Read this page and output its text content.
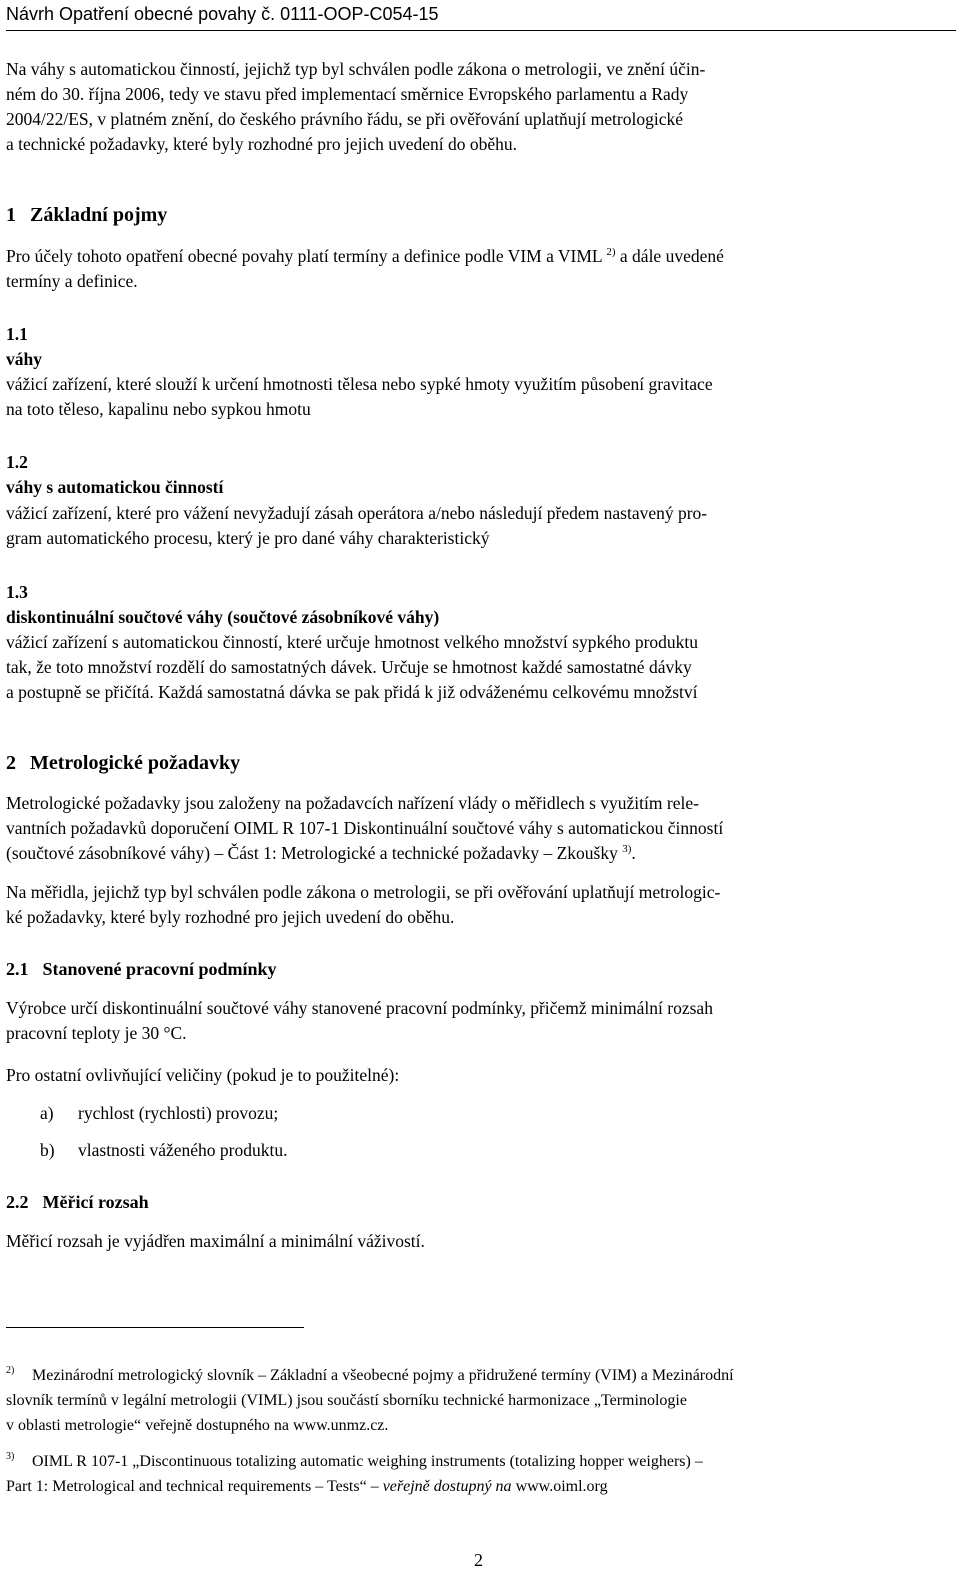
Návrh Opatření obecné povahy č. 0111-OOP-C054-15
Na váhy s automatickou činností, jejichž typ byl schválen podle zákona o metrologii, ve znění účin-
ném do 30. října 2006, tedy ve stavu před implementací směrnice Evropského parlamentu a Rady
2004/22/ES, v platném znění, do českého právního řádu, se při ověřování uplatňují metrologické
a technické požadavky, které byly rozhodné pro jejich uvedení do oběhu.
1 Základní pojmy
Pro účely tohoto opatření obecné povahy platí termíny a definice podle VIM a VIML $^{2)}$ a dále uvedené
termíny a definice.
1.1
váhy
vážicí zařízení, které slouží k určení hmotnosti tělesa nebo sypké hmoty využitím působení gravitace
na toto těleso, kapalinu nebo sypkou hmotu
1.2
váhy s automatickou činností
vážicí zařízení, které pro vážení nevyžadují zásah operátora a/nebo následují předem nastavený pro-
gram automatického procesu, který je pro dané váhy charakteristický
1.3
diskontinuální součtové váhy (součtové zásobníkové váhy)
vážicí zařízení s automatickou činností, které určuje hmotnost velkého množství sypkého produktu
tak, že toto množství rozdělí do samostatných dávek. Určuje se hmotnost každé samostatné dávky
a postupně se přičítá. Každá samostatná dávka se pak přidá k již odváženému celkovému množství
2 Metrologické požadavky
Metrologické požadavky jsou založeny na požadavcích nařízení vlády o měřidlech s využitím rele-
vantních požadavků doporučení OIML R 107-1 Diskontinuální součtové váhy s automatickou činností
(součtové zásobníkové váhy) – Část 1: Metrologické a technické požadavky – Zkoušky $^{3)}$.
Na měřidla, jejichž typ byl schválen podle zákona o metrologii, se při ověřování uplatňují metrologic-
ké požadavky, které byly rozhodné pro jejich uvedení do oběhu.
2.1 Stanovené pracovní podmínky
Výrobce určí diskontinuální součtové váhy stanovené pracovní podmínky, přičemž minimální rozsah
pracovní teploty je 30 °C.
Pro ostatní ovlivňující veličiny (pokud je to použitelné):
a) rychlost (rychlosti) provozu;
b) vlastnosti váženého produktu.
2.2 Měřicí rozsah
Měřicí rozsah je vyjádřen maximální a minimální váživostí.
$^{2)}$ Mezinárodní metrologický slovník – Základní a všeobecné pojmy a přidružené termíny (VIM) a Mezinárodní
slovník termínů v legální metrologii (VIML) jsou součástí sborníku technické harmonizace „Terminologie
v oblasti metrologie“ veřejně dostupného na www.unmz.cz.
$^{3)}$ OIML R 107-1 „Discontinuous totalizing automatic weighing instruments (totalizing hopper weighers) –
Part 1: Metrological and technical requirements – Tests“ – veřejně dostupný na www.oiml.org
2
